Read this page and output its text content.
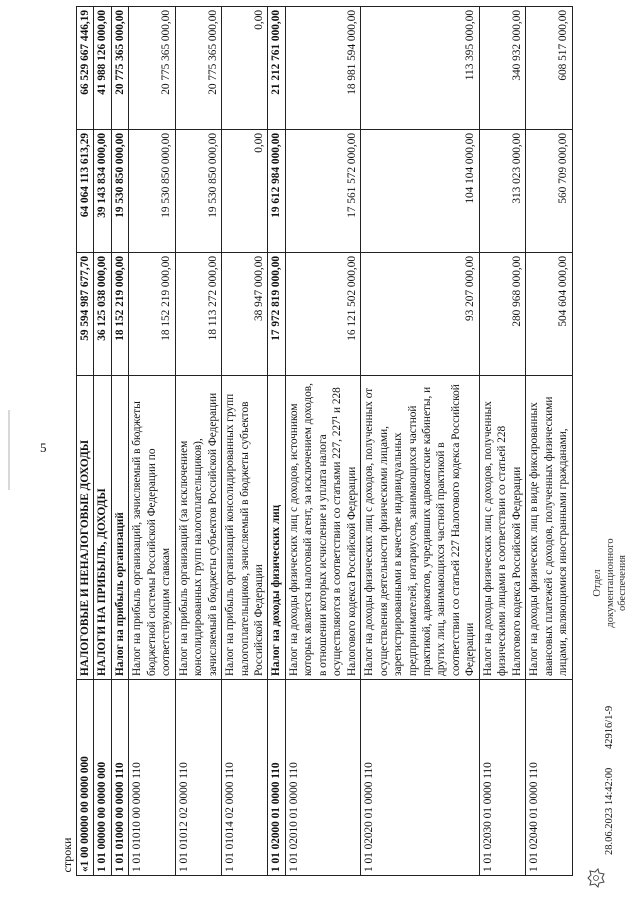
5
строки				
«1 00 00000 00 0000 000	НАЛОГОВЫЕ И НЕНАЛОГОВЫЕ ДОХОДЫ	59 594 987 677,70	64 064 113 613,29	66 529 667 446,19
1 01 00000 00 0000 000	НАЛОГИ НА ПРИБЫЛЬ, ДОХОДЫ	36 125 038 000,00	39 143 834 000,00	41 988 126 000,00
1 01 01000 00 0000 110	Налог на прибыль организаций	18 152 219 000,00	19 530 850 000,00	20 775 365 000,00
1 01 01010 00 0000 110	Налог на прибыль организаций, зачисляемый в бюджеты бюджетной системы Российской Федерации по соответствующим ставкам	18 152 219 000,00	19 530 850 000,00	20 775 365 000,00
1 01 01012 02 0000 110	Налог на прибыль организаций (за исключением консолидированных групп налогоплательщиков), зачисляемый в бюджеты субъектов Российской Федерации	18 113 272 000,00	19 530 850 000,00	20 775 365 000,00
1 01 01014 02 0000 110	Налог на прибыль организаций консолидированных групп налогоплательщиков, зачисляемый в бюджеты субъектов Российской Федерации	38 947 000,00	0,00	0,00
1 01 02000 01 0000 110	Налог на доходы физических лиц	17 972 819 000,00	19 612 984 000,00	21 212 761 000,00
1 01 02010 01 0000 110	Налог на доходы физических лиц с доходов, источником которых является налоговый агент, за исключением доходов, в отношении которых исчисление и уплата налога осуществляются в соответствии со статьями 227, 227¹ и 228 Налогового кодекса Российской Федерации	16 121 502 000,00	17 561 572 000,00	18 981 594 000,00
1 01 02020 01 0000 110	Налог на доходы физических лиц с доходов, полученных от осуществления деятельности физическими лицами, зарегистрированными в качестве индивидуальных предпринимателей, нотариусов, занимающихся частной практикой, адвокатов, учредивших адвокатские кабинеты, и других лиц, занимающихся частной практикой в соответствии со статьей 227 Налогового кодекса Российской Федерации	93 207 000,00	104 104 000,00	113 395 000,00
1 01 02030 01 0000 110	Налог на доходы физических лиц с доходов, полученных физическими лицами в соответствии со статьей 228 Налогового кодекса Российской Федерации	280 968 000,00	313 023 000,00	340 932 000,00
1 01 02040 01 0000 110	Налог на доходы физических лиц в виде фиксированных авансовых платежей с доходов, полученных физическими лицами, являющимися иностранными гражданами,	504 604 000,00	560 709 000,00	608 517 000,00
28.06.2023 14:42:00
42916/1-9
Отдел документационного обеспечения
